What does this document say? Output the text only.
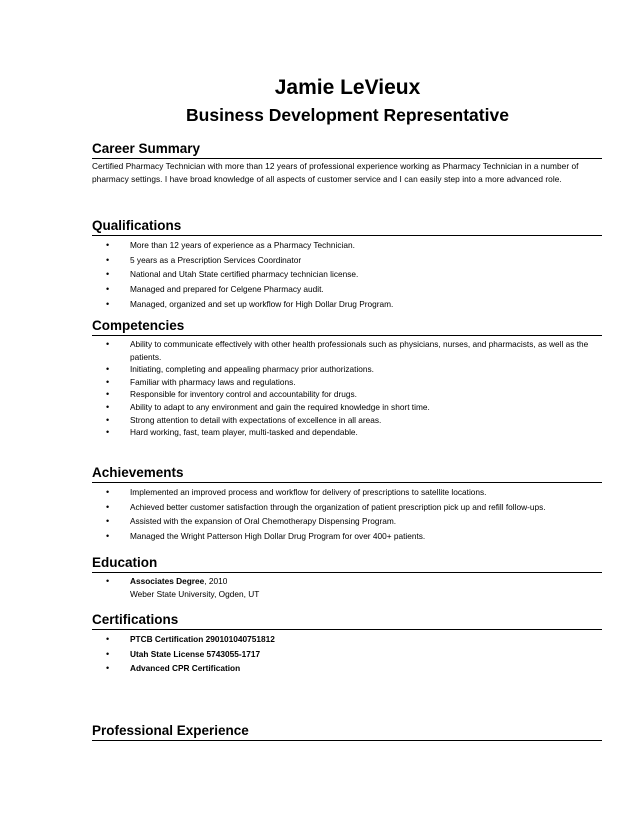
Jamie LeVieux
Business Development Representative
Career Summary

Certified Pharmacy Technician with more than 12 years of professional experience working as Pharmacy Technician in a number of pharmacy settings. I have broad knowledge of all aspects of customer service and I can easily step into a more advanced role.

Qualifications
•	More than 12 years of experience as a Pharmacy Technician.
•	5 years as a Prescription Services Coordinator
•	National and Utah State certified pharmacy technician license.
•	Managed and prepared for Celgene Pharmacy audit.
•	Managed, organized and set up workflow for High Dollar Drug Program.
Competencies
•	Ability to communicate effectively with other health professionals such as physicians, nurses, and pharmacists, as well as the patients.
•	Initiating, completing and appealing pharmacy prior authorizations.
•	Familiar with pharmacy laws and regulations.
•	Responsible for inventory control and accountability for drugs.
•	Ability to adapt to any environment and gain the required knowledge in short time.
•	Strong attention to detail with expectations of excellence in all areas.
•	Hard working, fast, team player, multi-tasked and dependable.
Achievements
•	Implemented an improved process and workflow for delivery of prescriptions to satellite locations.
•	Achieved better customer satisfaction through the organization of patient prescription pick up and refill follow-ups.
•	Assisted with the expansion of Oral Chemotherapy Dispensing Program.
•	Managed the Wright Patterson High Dollar Drug Program for over 400+ patients.
Education
•	Associates Degree, 2010
Weber State University, Ogden, UT
Certifications
•	PTCB Certification 290101040751812
•	Utah State License 5743055-1717
•	Advanced CPR Certification
Professional Experience
